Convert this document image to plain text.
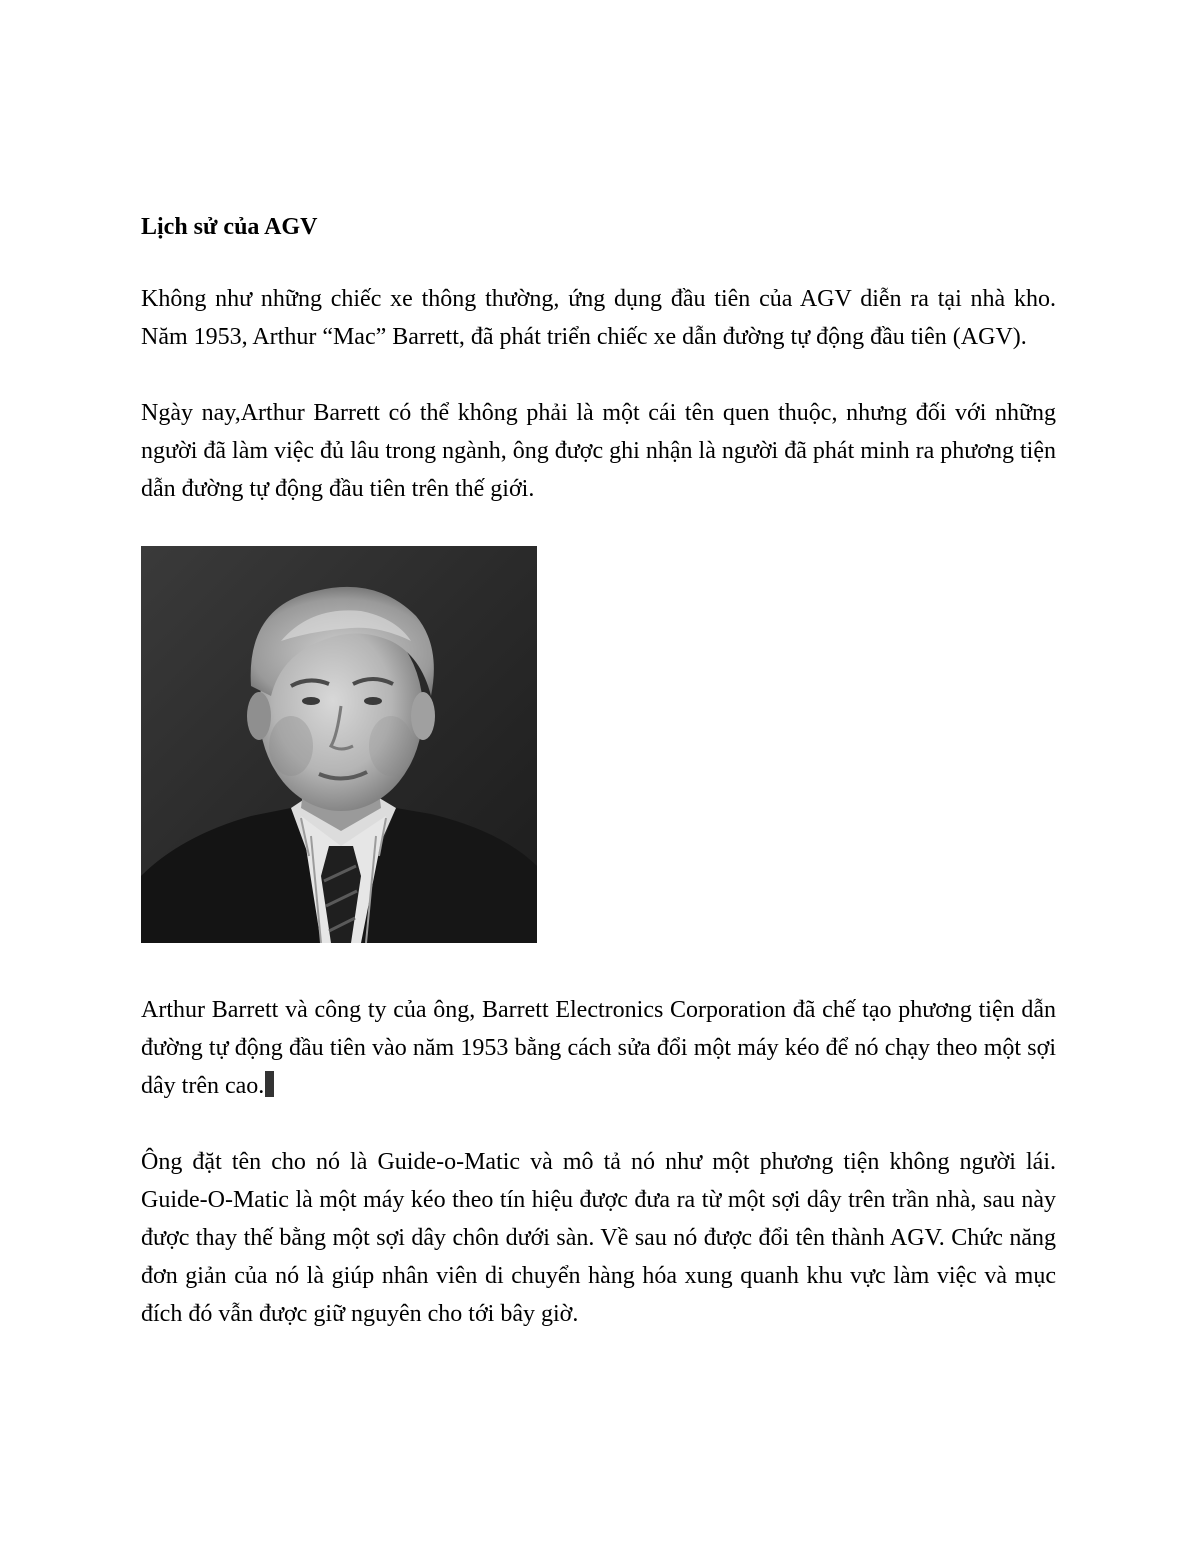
Lịch sử của AGV

Không như những chiếc xe thông thường, ứng dụng đầu tiên của AGV diễn ra tại nhà kho. Năm 1953, Arthur “Mac” Barrett, đã phát triển chiếc xe dẫn đường tự động đầu tiên (AGV).

Ngày nay,Arthur Barrett có thể không phải là một cái tên quen thuộc, nhưng đối với những người đã làm việc đủ lâu trong ngành, ông được ghi nhận là người đã phát minh ra phương tiện dẫn đường tự động đầu tiên trên thế giới.

Arthur Barrett và công ty của ông, Barrett Electronics Corporation đã chế tạo phương tiện dẫn đường tự động đầu tiên vào năm 1953 bằng cách sửa đổi một máy kéo để nó chạy theo một sợi dây trên cao.

Ông đặt tên cho nó là Guide-o-Matic và mô tả nó như một phương tiện không người lái. Guide-O-Matic là một máy kéo theo tín hiệu được đưa ra từ một sợi dây trên trần nhà, sau này được thay thế bằng một sợi dây chôn dưới sàn. Về sau nó được đổi tên thành AGV. Chức năng đơn giản của nó là giúp nhân viên di chuyển hàng hóa xung quanh khu vực làm việc và mục đích đó vẫn được giữ nguyên cho tới bây giờ.
